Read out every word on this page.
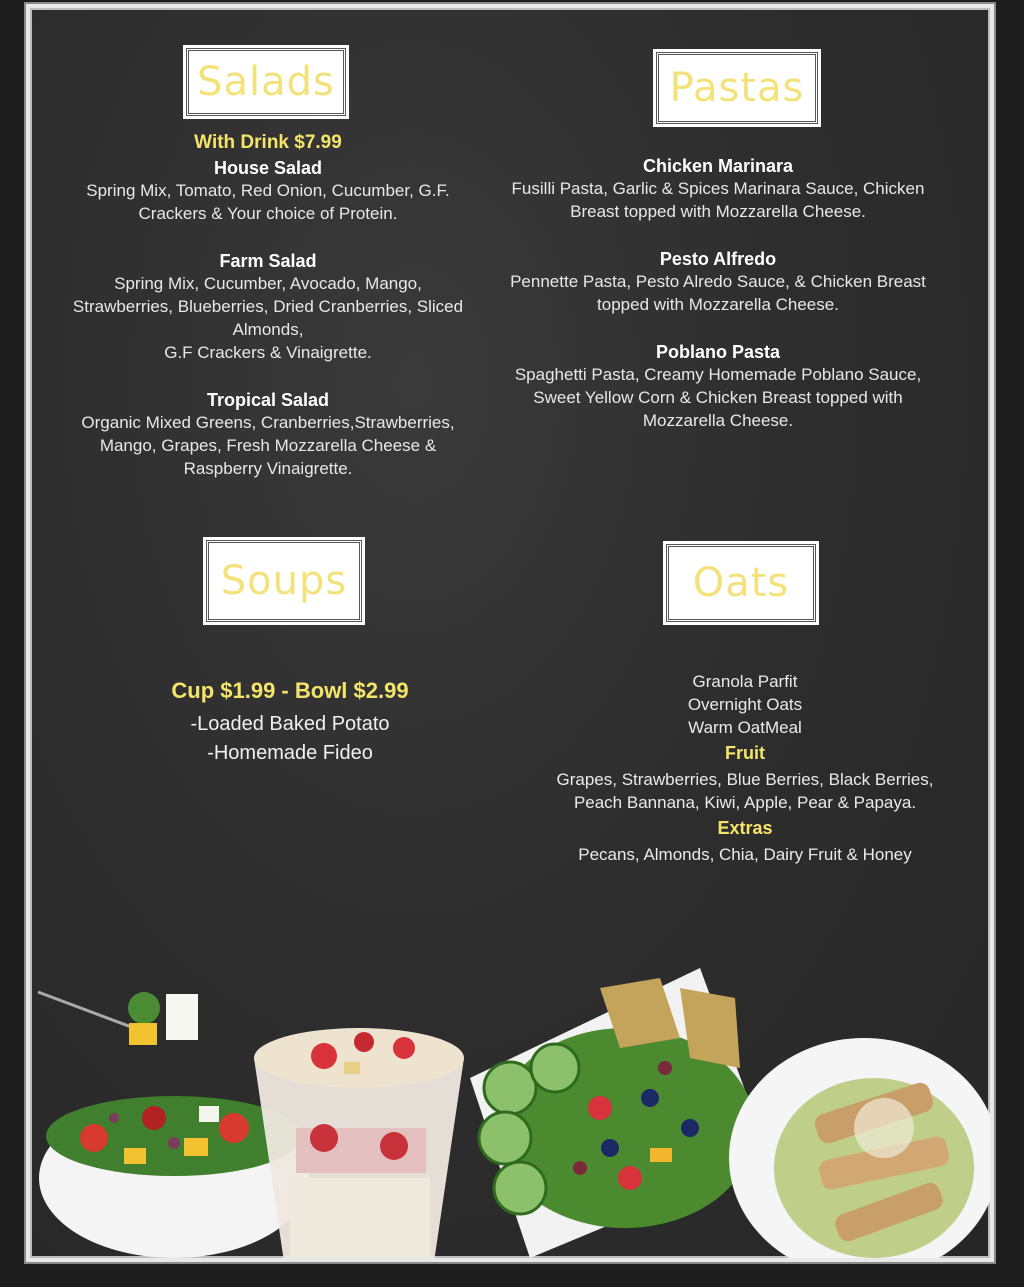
Salads
With Drink $7.99
House Salad
Spring Mix, Tomato, Red Onion, Cucumber, G.F.
Crackers & Your choice of Protein.
Farm Salad
Spring Mix, Cucumber, Avocado, Mango,
Strawberries, Blueberries, Dried Cranberries, Sliced
Almonds,
G.F Crackers & Vinaigrette.
Tropical Salad
Organic Mixed Greens, Cranberries,Strawberries,
Mango, Grapes, Fresh Mozzarella Cheese &
Raspberry Vinaigrette.
Pastas
Chicken Marinara
Fusilli Pasta, Garlic & Spices Marinara Sauce, Chicken
Breast topped with Mozzarella Cheese.
Pesto Alfredo
Pennette Pasta, Pesto Alredo Sauce, & Chicken Breast
topped with Mozzarella Cheese.
Poblano Pasta
Spaghetti Pasta, Creamy Homemade Poblano Sauce,
Sweet Yellow Corn & Chicken Breast topped with
Mozzarella Cheese.
Soups
Cup $1.99 - Bowl $2.99
-Loaded Baked Potato
-Homemade Fideo
Oats
Granola Parfit
Overnight Oats
Warm OatMeal
Fruit
Grapes, Strawberries, Blue Berries, Black Berries,
Peach Bannana, Kiwi, Apple, Pear & Papaya.
Extras
Pecans, Almonds, Chia, Dairy Fruit & Honey
